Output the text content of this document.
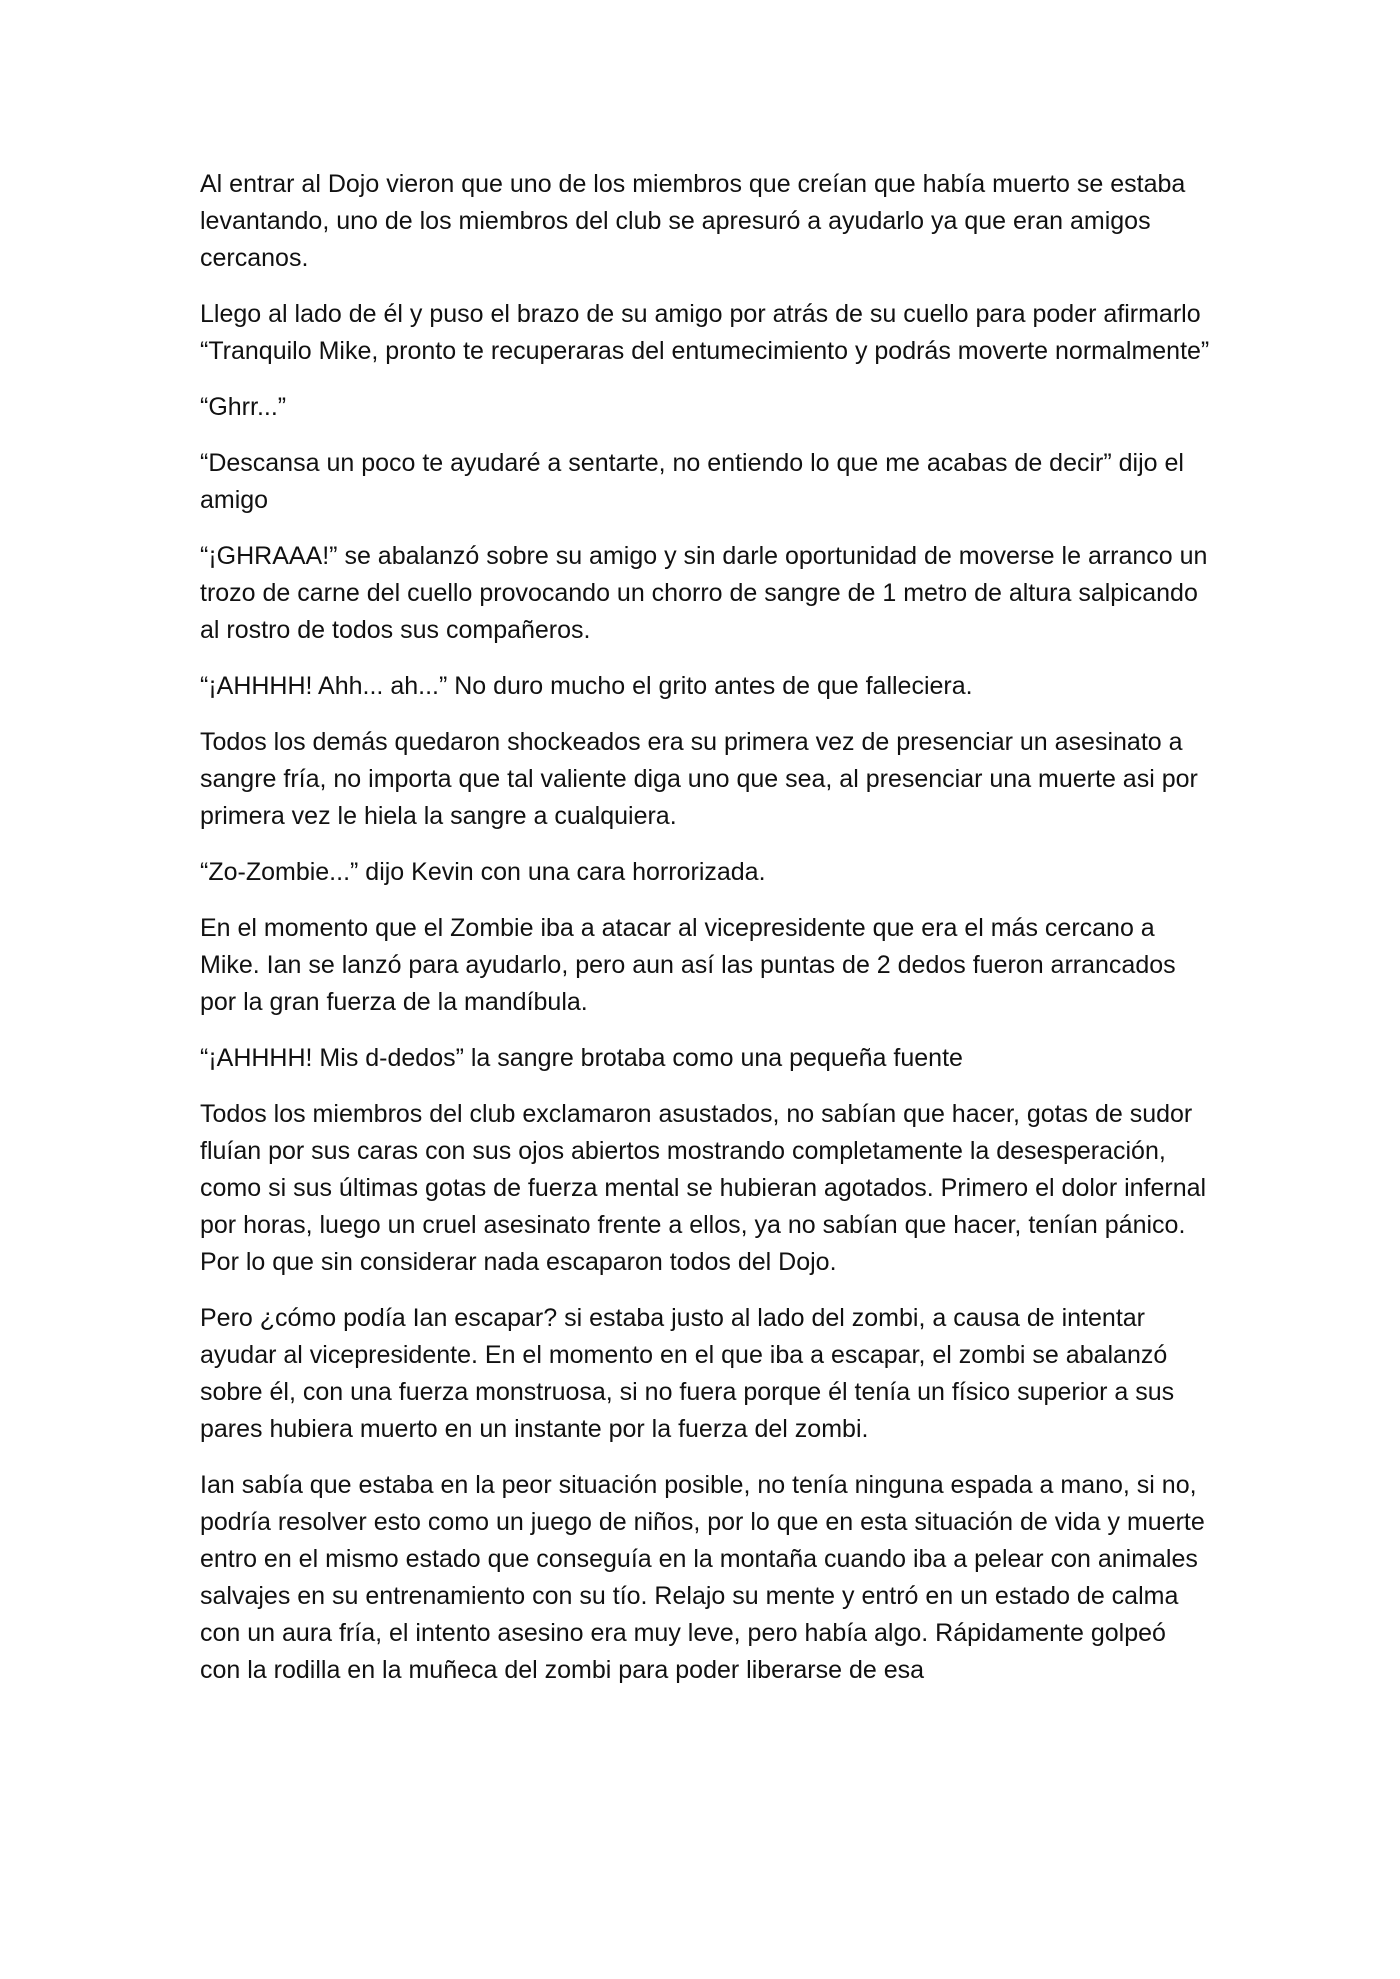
Al entrar al Dojo vieron que uno de los miembros que creían que había muerto se estaba levantando, uno de los miembros del club se apresuró a ayudarlo ya que eran amigos cercanos.

Llego al lado de él y puso el brazo de su amigo por atrás de su cuello para poder afirmarlo “Tranquilo Mike, pronto te recuperaras del entumecimiento y podrás moverte normalmente”

“Ghrr...”

“Descansa un poco te ayudaré a sentarte, no entiendo lo que me acabas de decir” dijo el amigo

“¡GHRAAA!” se abalanzó sobre su amigo y sin darle oportunidad de moverse le arranco un trozo de carne del cuello provocando un chorro de sangre de 1 metro de altura salpicando al rostro de todos sus compañeros.

“¡AHHHH! Ahh... ah...” No duro mucho el grito antes de que falleciera.

Todos los demás quedaron shockeados era su primera vez de presenciar un asesinato a sangre fría, no importa que tal valiente diga uno que sea, al presenciar una muerte asi por primera vez le hiela la sangre a cualquiera.

“Zo-Zombie...” dijo Kevin con una cara horrorizada.

En el momento que el Zombie iba a atacar al vicepresidente que era el más cercano a Mike. Ian se lanzó para ayudarlo, pero aun así las puntas de 2 dedos fueron arrancados por la gran fuerza de la mandíbula.

“¡AHHHH! Mis d-dedos” la sangre brotaba como una pequeña fuente

Todos los miembros del club exclamaron asustados, no sabían que hacer, gotas de sudor fluían por sus caras con sus ojos abiertos mostrando completamente la desesperación, como si sus últimas gotas de fuerza mental se hubieran agotados. Primero el dolor infernal por horas, luego un cruel asesinato frente a ellos, ya no sabían que hacer, tenían pánico. Por lo que sin considerar nada escaparon todos del Dojo.

Pero ¿cómo podía Ian escapar? si estaba justo al lado del zombi, a causa de intentar ayudar al vicepresidente. En el momento en el que iba a escapar, el zombi se abalanzó sobre él, con una fuerza monstruosa, si no fuera porque él tenía un físico superior a sus pares hubiera muerto en un instante por la fuerza del zombi.

Ian sabía que estaba en la peor situación posible, no tenía ninguna espada a mano, si no, podría resolver esto como un juego de niños, por lo que en esta situación de vida y muerte entro en el mismo estado que conseguía en la montaña cuando iba a pelear con animales salvajes en su entrenamiento con su tío. Relajo su mente y entró en un estado de calma con un aura fría, el intento asesino era muy leve, pero había algo. Rápidamente golpeó con la rodilla en la muñeca del zombi para poder liberarse de esa
